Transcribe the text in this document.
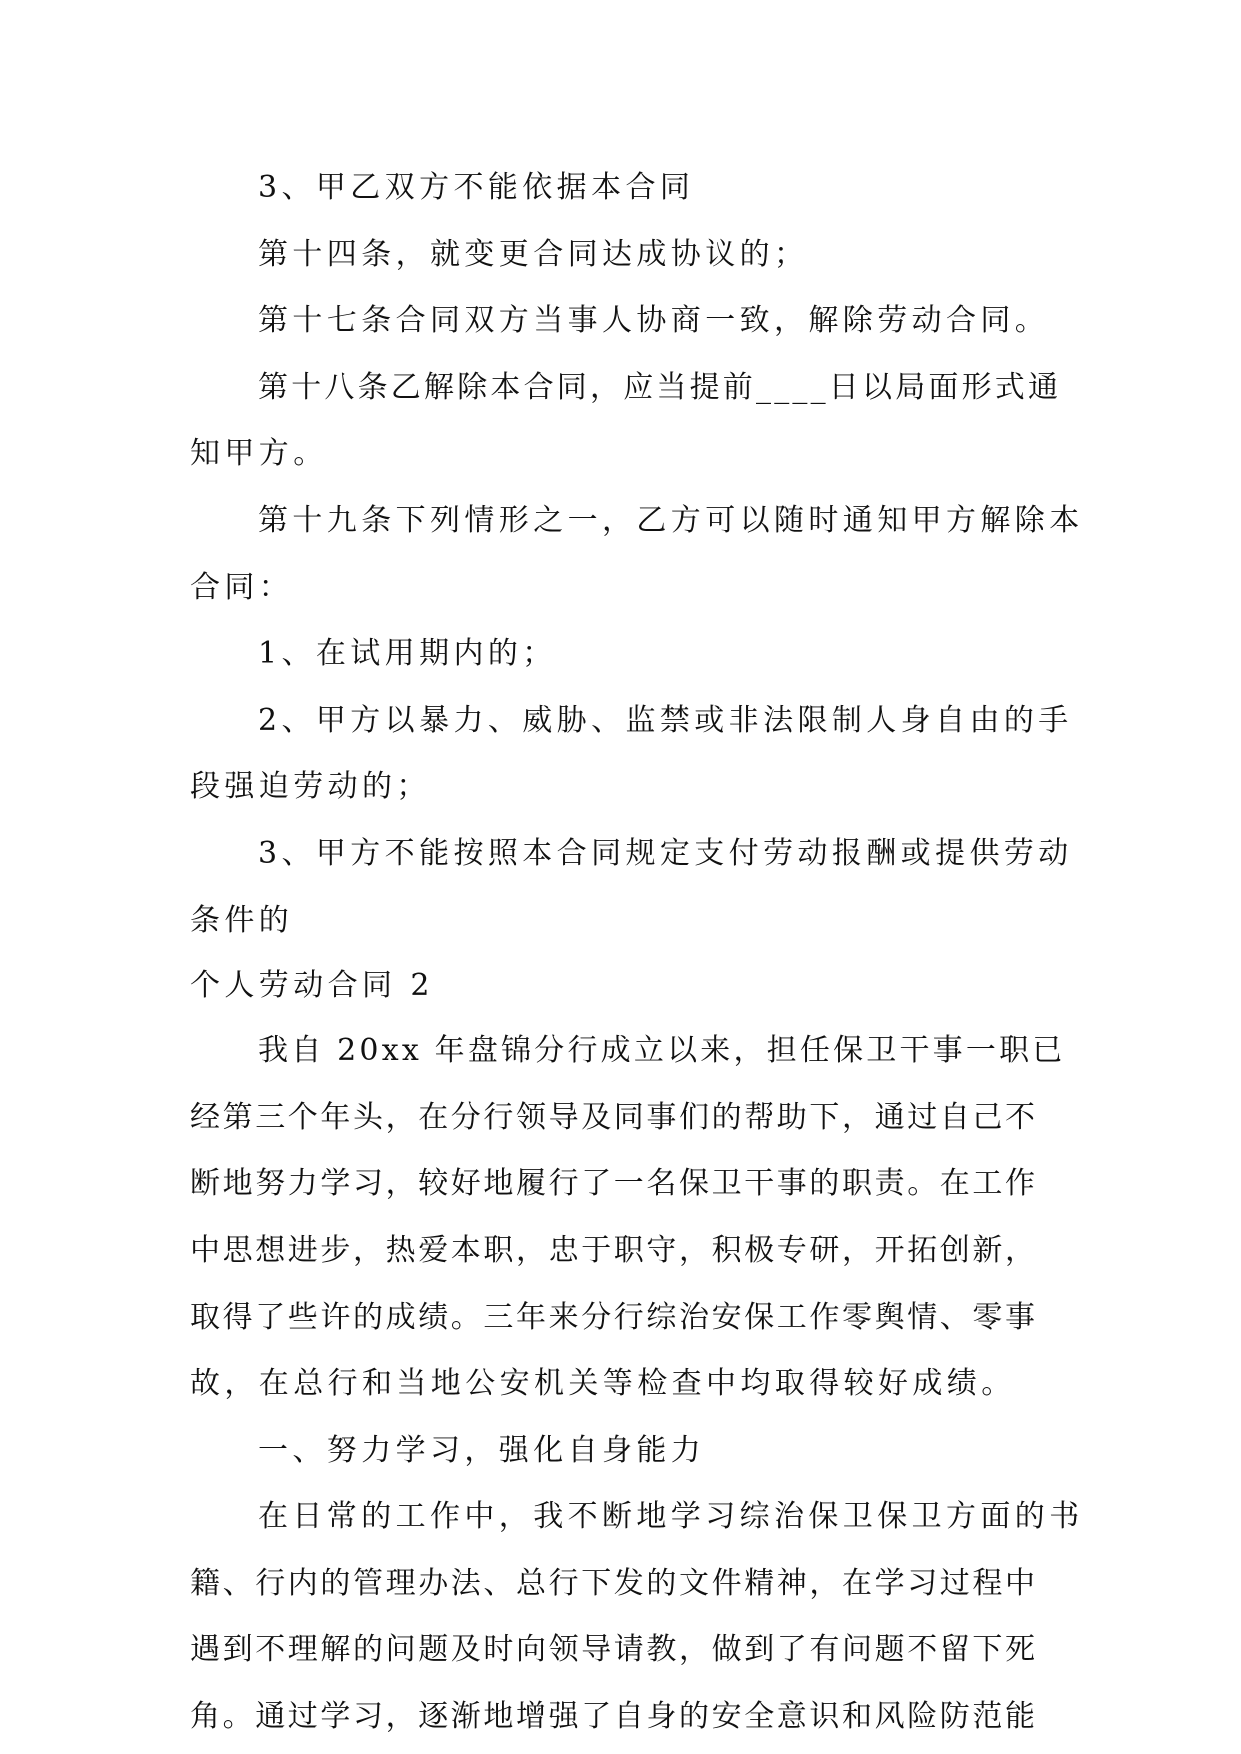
3、甲乙双方不能依据本合同
第十四条，就变更合同达成协议的；
第十七条合同双方当事人协商一致，解除劳动合同。
第十八条乙解除本合同，应当提前____日以局面形式通
知甲方。
第十九条下列情形之一，乙方可以随时通知甲方解除本
合同：
1、在试用期内的；
2、甲方以暴力、威胁、监禁或非法限制人身自由的手
段强迫劳动的；
3、甲方不能按照本合同规定支付劳动报酬或提供劳动
条件的
个人劳动合同 2
我自 20xx 年盘锦分行成立以来，担任保卫干事一职已
经第三个年头，在分行领导及同事们的帮助下，通过自己不
断地努力学习，较好地履行了一名保卫干事的职责。在工作
中思想进步，热爱本职，忠于职守，积极专研，开拓创新，
取得了些许的成绩。三年来分行综治安保工作零舆情、零事
故，在总行和当地公安机关等检查中均取得较好成绩。
一、努力学习，强化自身能力
在日常的工作中，我不断地学习综治保卫保卫方面的书
籍、行内的管理办法、总行下发的文件精神，在学习过程中
遇到不理解的问题及时向领导请教，做到了有问题不留下死
角。通过学习，逐渐地增强了自身的安全意识和风险防范能
